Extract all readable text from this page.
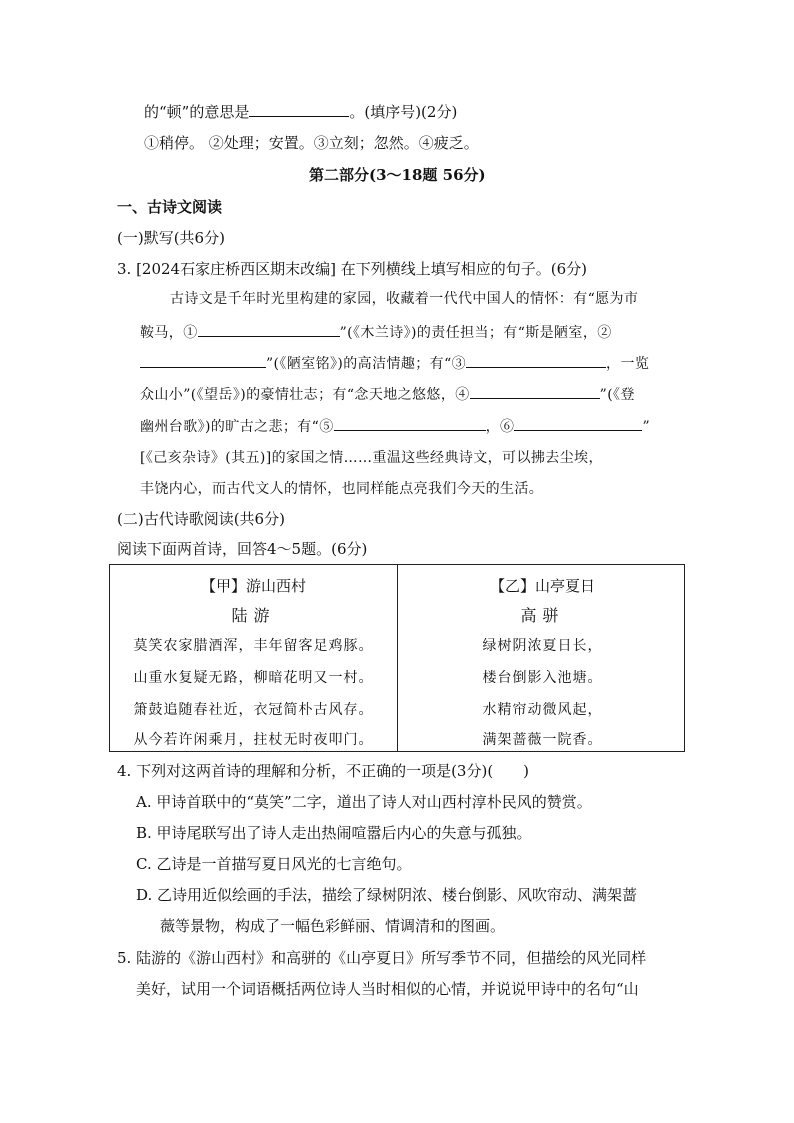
的“顿”的意思是	。(填序号)(2分)
①稍停。 ②处理；安置。③立刻；忽然。④疲乏。
第二部分(3～18题 56分)
一、古诗文阅读
(一)默写(共6分)
3. [2024石家庄桥西区期末改编] 在下列横线上填写相应的句子。(6分)
古诗文是千年时光里构建的家园，收藏着一代代中国人的情怀：有“愿为市
鞍马，①	”(《木兰诗》)的责任担当；有“斯是陋室，②
”(《陋室铭》)的高洁情趣；有“③	，一览
众山小”(《望岳》)的豪情壮志；有“念天地之悠悠，④	”(《登
幽州台歌》)的旷古之悲；有“⑤	，⑥	”
[《己亥杂诗》(其五)]的家国之情……重温这些经典诗文，可以拂去尘埃，
丰饶内心，而古代文人的情怀，也同样能点亮我们今天的生活。
(二)古代诗歌阅读(共6分)
阅读下面两首诗，回答4～5题。(6分)
【甲】游山西村
陆游
莫笑农家腊酒浑，丰年留客足鸡豚。
山重水复疑无路，柳暗花明又一村。
箫鼓追随春社近，衣冠简朴古风存。
从今若许闲乘月，拄杖无时夜叩门。
【乙】山亭夏日
高骈
绿树阴浓夏日长，
楼台倒影入池塘。
水精帘动微风起，
满架蔷薇一院香。
4. 下列对这两首诗的理解和分析，不正确的一项是(3分)(　　)
A. 甲诗首联中的“莫笑”二字，道出了诗人对山西村淳朴民风的赞赏。
B. 甲诗尾联写出了诗人走出热闹喧嚣后内心的失意与孤独。
C. 乙诗是一首描写夏日风光的七言绝句。
D. 乙诗用近似绘画的手法，描绘了绿树阴浓、楼台倒影、风吹帘动、满架蔷
薇等景物，构成了一幅色彩鲜丽、情调清和的图画。
5. 陆游的《游山西村》和高骈的《山亭夏日》所写季节不同，但描绘的风光同样
美好，试用一个词语概括两位诗人当时相似的心情，并说说甲诗中的名句“山
